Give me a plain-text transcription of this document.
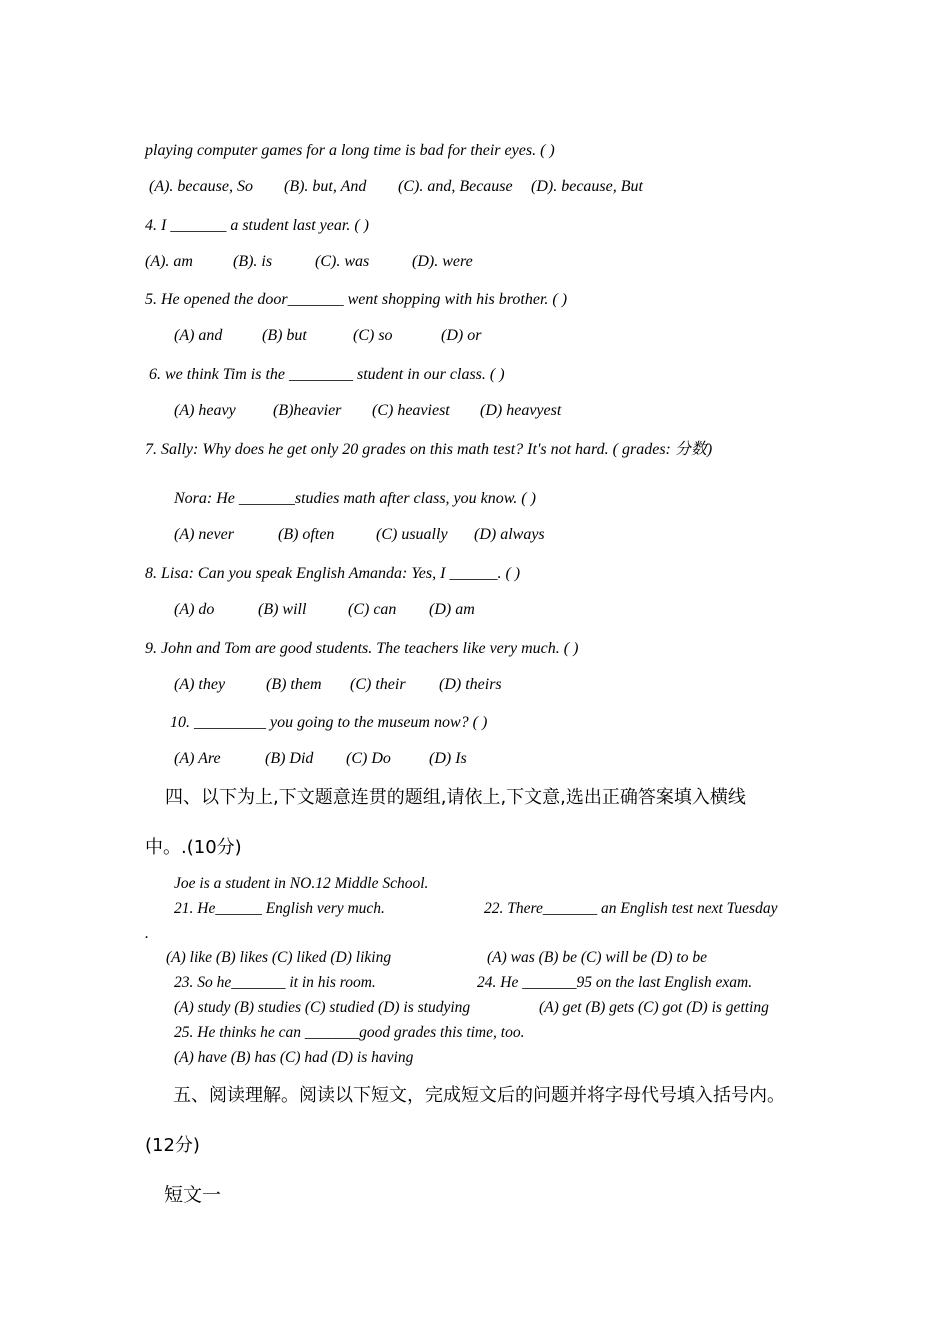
playing computer games for a long time is bad for their eyes. ( )
(A). because, So (B). but, And (C). and, Because (D). because, But
4. I _______ a student last year. ( )
(A). am	(B). is	(C). was	(D). were
5. He opened the door_______ went shopping with his brother. ( )
(A) and (B) but	(C) so	(D) or
6. we think Tim is the ________ student in our class. ( )
(A) heavy (B)heavier (C) heaviest (D) heavyest
7. Sally: Why does he get only 20 grades on this math test? It's not hard. ( grades: 分数)
Nora: He _______studies math after class, you know. ( )
(A) never	(B) often	(C) usually (D) always
8. Lisa: Can you speak English Amanda: Yes, I ______. ( )
(A) do	(B) will	(C) can (D) am
9. John and Tom are good students. The teachers like very much. ( )
(A) they	(B) them (C) their (D) theirs
10. _________ you going to the museum now? ( )
(A) Are	(B) Did (C) Do (D) Is
四、以下为上,下文题意连贯的题组,请依上,下文意,选出正确答案填入横线
中。.(10分)
Joe is a student in NO.12 Middle School.
21. He______ English very much.	22. There_______ an English test next Tuesday
.
(A) like (B) likes (C) liked (D) liking	(A) was (B) be (C) will be (D) to be
23. So he_______ it in his room.	24. He _______95 on the last English exam.
(A) study (B) studies (C) studied (D) is studying	(A) get (B) gets (C) got (D) is getting
25. He thinks he can _______good grades this time, too.
(A) have (B) has (C) had (D) is having
五、阅读理解。阅读以下短文，完成短文后的问题并将字母代号填入括号内。
(12分)
短文一
